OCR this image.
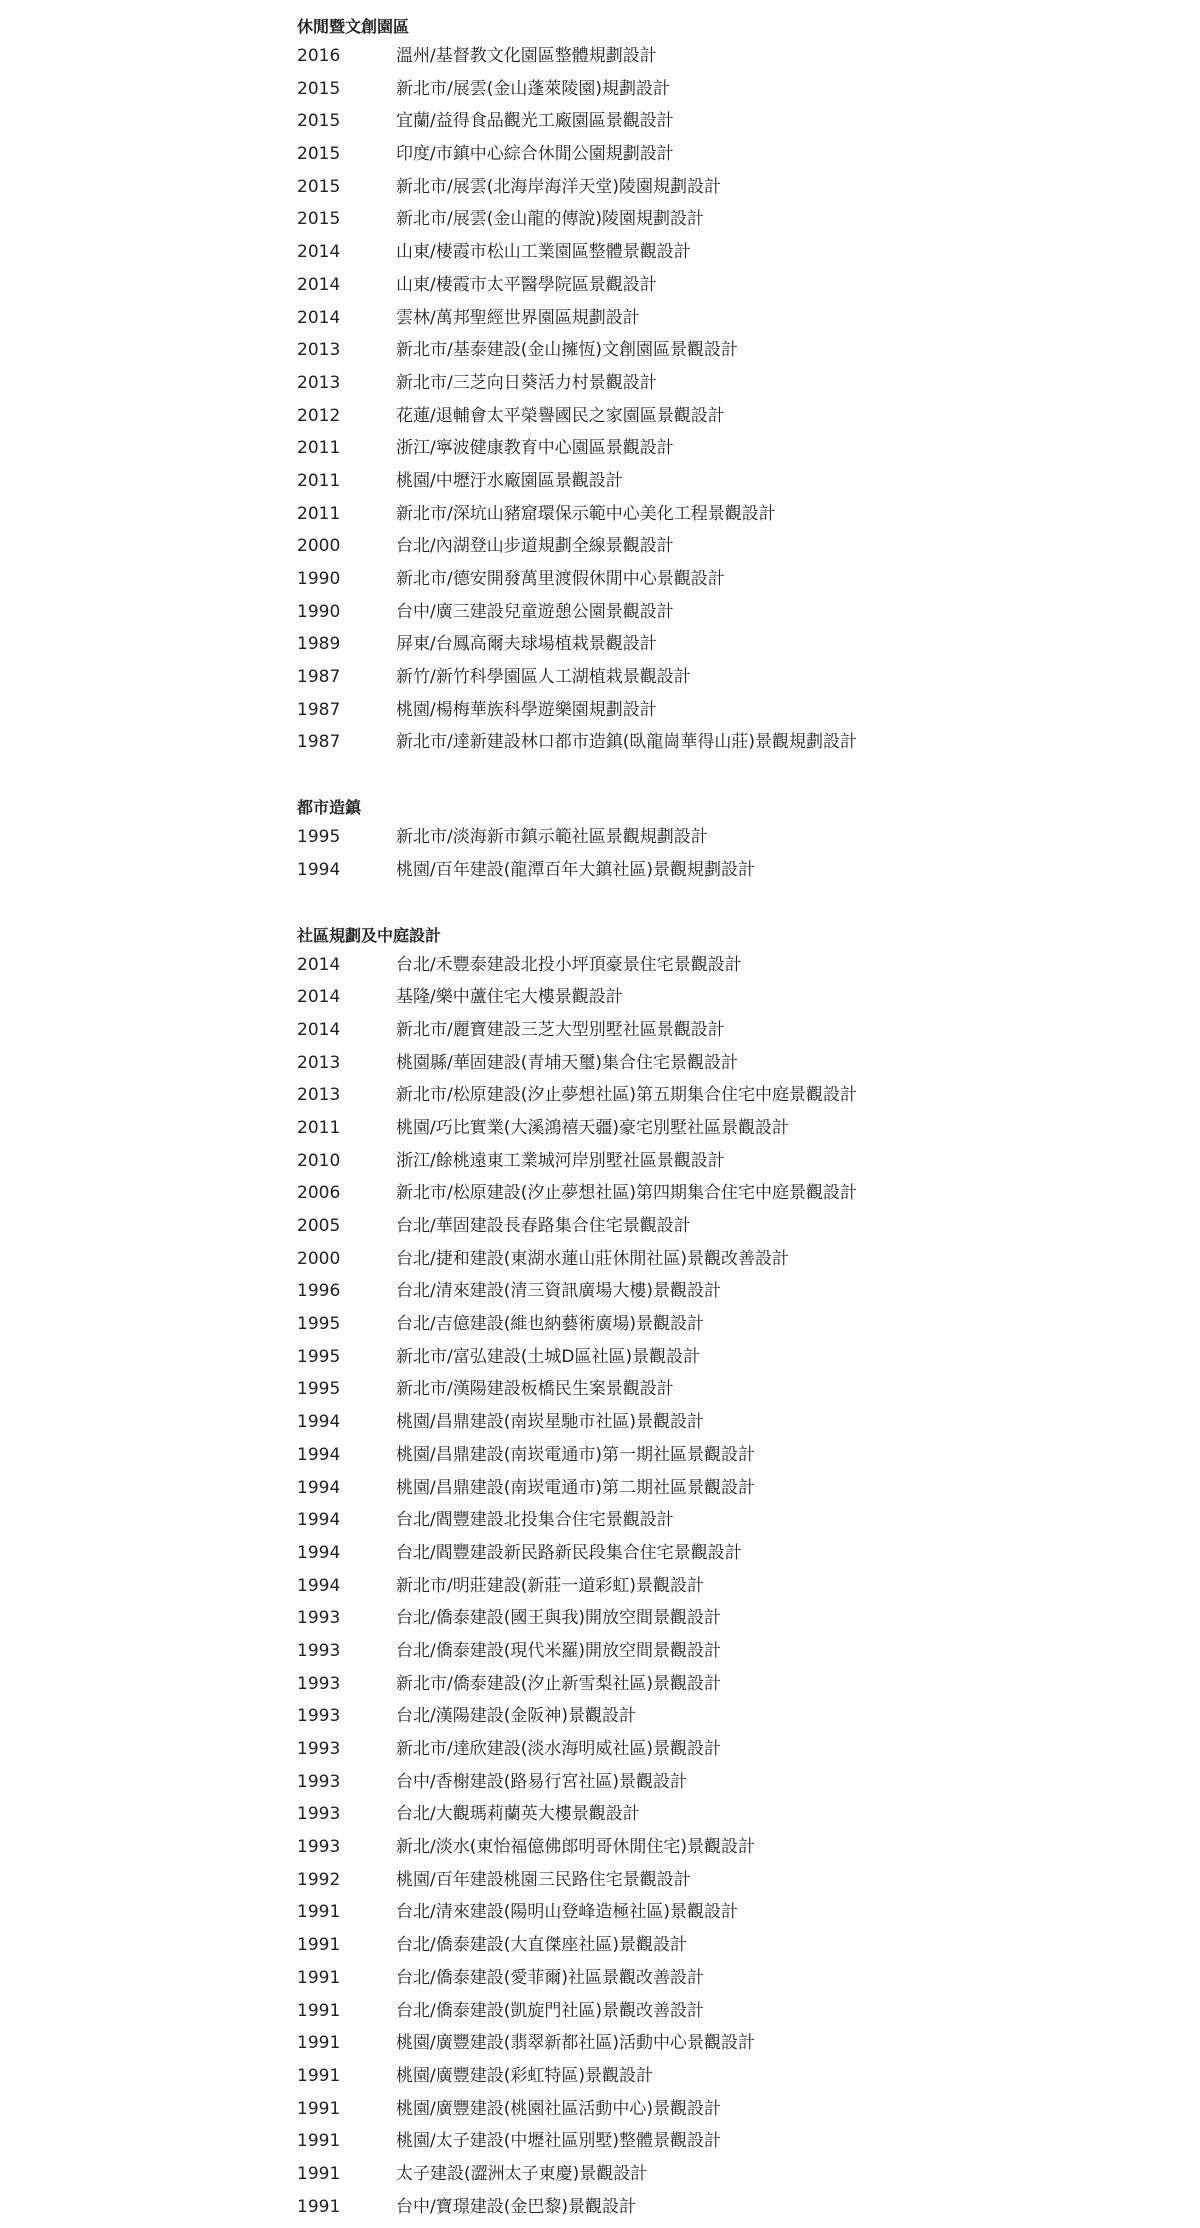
休閒暨文創園區
2016	溫州/基督教文化園區整體規劃設計
2015	新北市/展雲(金山蓬萊陵園)規劃設計
2015	宜蘭/益得食品觀光工廠園區景觀設計
2015	印度/市鎮中心綜合休閒公園規劃設計
2015	新北市/展雲(北海岸海洋天堂)陵園規劃設計
2015	新北市/展雲(金山龍的傳說)陵園規劃設計
2014	山東/棲霞市松山工業園區整體景觀設計
2014	山東/棲霞市太平醫學院區景觀設計
2014	雲林/萬邦聖經世界園區規劃設計
2013	新北市/基泰建設(金山擁恆)文創園區景觀設計
2013	新北市/三芝向日葵活力村景觀設計
2012	花蓮/退輔會太平榮譽國民之家園區景觀設計
2011	浙江/寧波健康教育中心園區景觀設計
2011	桃園/中壢汙水廠園區景觀設計
2011	新北市/深坑山豬窟環保示範中心美化工程景觀設計
2000	台北/內湖登山步道規劃全線景觀設計
1990	新北市/德安開發萬里渡假休閒中心景觀設計
1990	台中/廣三建設兒童遊憩公園景觀設計
1989	屏東/台鳳高爾夫球場植栽景觀設計
1987	新竹/新竹科學園區人工湖植栽景觀設計
1987	桃園/楊梅華族科學遊樂園規劃設計
1987	新北市/達新建設林口都市造鎮(臥龍崗華得山莊)景觀規劃設計
都市造鎮
1995	新北市/淡海新市鎮示範社區景觀規劃設計
1994	桃園/百年建設(龍潭百年大鎮社區)景觀規劃設計
社區規劃及中庭設計
2014	台北/禾豐泰建設北投小坪頂豪景住宅景觀設計
2014	基隆/樂中蘆住宅大樓景觀設計
2014	新北市/麗寶建設三芝大型別墅社區景觀設計
2013	桃園縣/華固建設(青埔天璽)集合住宅景觀設計
2013	新北市/松原建設(汐止夢想社區)第五期集合住宅中庭景觀設計
2011	桃園/巧比實業(大溪鴻禧天疆)豪宅別墅社區景觀設計
2010	浙江/餘桃遠東工業城河岸別墅社區景觀設計
2006	新北市/松原建設(汐止夢想社區)第四期集合住宅中庭景觀設計
2005	台北/華固建設長春路集合住宅景觀設計
2000	台北/捷和建設(東湖水蓮山莊休閒社區)景觀改善設計
1996	台北/清來建設(清三資訊廣場大樓)景觀設計
1995	台北/吉億建設(維也納藝術廣場)景觀設計
1995	新北市/富弘建設(土城D區社區)景觀設計
1995	新北市/漢陽建設板橋民生案景觀設計
1994	桃園/昌鼎建設(南崁星馳市社區)景觀設計
1994	桃園/昌鼎建設(南崁電通市)第一期社區景觀設計
1994	桃園/昌鼎建設(南崁電通市)第二期社區景觀設計
1994	台北/閻豐建設北投集合住宅景觀設計
1994	台北/閻豐建設新民路新民段集合住宅景觀設計
1994	新北市/明莊建設(新莊一道彩虹)景觀設計
1993	台北/僑泰建設(國王與我)開放空間景觀設計
1993	台北/僑泰建設(現代米羅)開放空間景觀設計
1993	新北市/僑泰建設(汐止新雪梨社區)景觀設計
1993	台北/漢陽建設(金阪神)景觀設計
1993	新北市/達欣建設(淡水海明威社區)景觀設計
1993	台中/香榭建設(路易行宮社區)景觀設計
1993	台北/大觀瑪莉蘭英大樓景觀設計
1993	新北/淡水(東怡福億佛郎明哥休閒住宅)景觀設計
1992	桃園/百年建設桃園三民路住宅景觀設計
1991	台北/清來建設(陽明山登峰造極社區)景觀設計
1991	台北/僑泰建設(大直傑座社區)景觀設計
1991	台北/僑泰建設(愛菲爾)社區景觀改善設計
1991	台北/僑泰建設(凱旋門社區)景觀改善設計
1991	桃園/廣豐建設(翡翠新都社區)活動中心景觀設計
1991	桃園/廣豐建設(彩虹特區)景觀設計
1991	桃園/廣豐建設(桃園社區活動中心)景觀設計
1991	桃園/太子建設(中壢社區別墅)整體景觀設計
1991	太子建設(澀洲太子東慶)景觀設計
1991	台中/寶璟建設(金巴黎)景觀設計
